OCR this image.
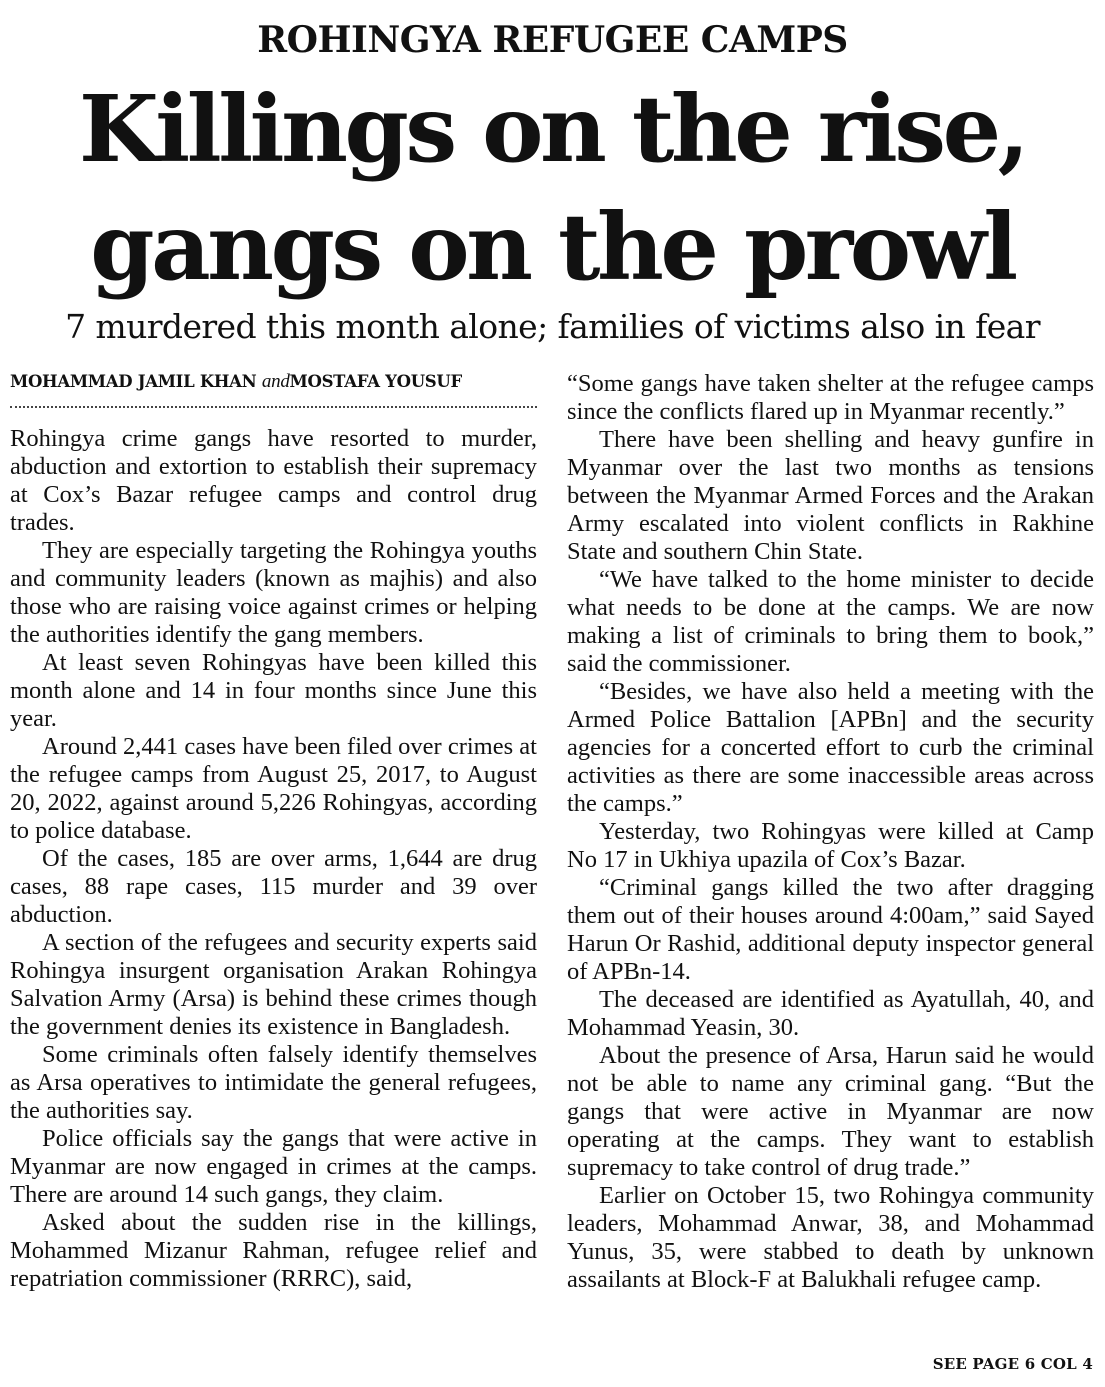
ROHINGYA REFUGEE CAMPS
Killings on the rise,
gangs on the prowl
7 murdered this month alone; families of victims also in fear
MOHAMMAD JAMIL KHAN andMOSTAFA YOUSUF

Rohingya crime gangs have resorted to murder, abduction and extortion to establish their supremacy at Cox’s Bazar refugee camps and control drug trades.

They are especially targeting the Rohingya youths and community leaders (known as majhis) and also those who are raising voice against crimes or helping the authorities identify the gang members.

At least seven Rohingyas have been killed this month alone and 14 in four months since June this year.

Around 2,441 cases have been filed over crimes at the refugee camps from August 25, 2017, to August 20, 2022, against around 5,226 Rohingyas, according to police database.

Of the cases, 185 are over arms, 1,644 are drug cases, 88 rape cases, 115 murder and 39 over abduction.

A section of the refugees and security experts said Rohingya insurgent organisation Arakan Rohingya Salvation Army (Arsa) is behind these crimes though the government denies its existence in Bangladesh.

Some criminals often falsely identify themselves as Arsa operatives to intimidate the general refugees, the authorities say.

Police officials say the gangs that were active in Myanmar are now engaged in crimes at the camps. There are around 14 such gangs, they claim.

Asked about the sudden rise in the killings, Mohammed Mizanur Rahman, refugee relief and repatriation commissioner (RRRC), said,

“Some gangs have taken shelter at the refugee camps since the conflicts flared up in Myanmar recently.”

There have been shelling and heavy gunfire in Myanmar over the last two months as tensions between the Myanmar Armed Forces and the Arakan Army escalated into violent conflicts in Rakhine State and southern Chin State.

“We have talked to the home minister to decide what needs to be done at the camps. We are now making a list of criminals to bring them to book,” said the commissioner.

“Besides, we have also held a meeting with the Armed Police Battalion [APBn] and the security agencies for a concerted effort to curb the criminal activities as there are some inaccessible areas across the camps.”

Yesterday, two Rohingyas were killed at Camp No 17 in Ukhiya upazila of Cox’s Bazar.

“Criminal gangs killed the two after dragging them out of their houses around 4:00am,” said Sayed Harun Or Rashid, additional deputy inspector general of APBn-14.

The deceased are identified as Ayatullah, 40, and Mohammad Yeasin, 30.

About the presence of Arsa, Harun said he would not be able to name any criminal gang. “But the gangs that were active in Myanmar are now operating at the camps. They want to establish supremacy to take control of drug trade.”

Earlier on October 15, two Rohingya community leaders, Mohammad Anwar, 38, and Mohammad Yunus, 35, were stabbed to death by unknown assailants at Block-F at Balukhali refugee camp.

SEE PAGE 6 COL 4
